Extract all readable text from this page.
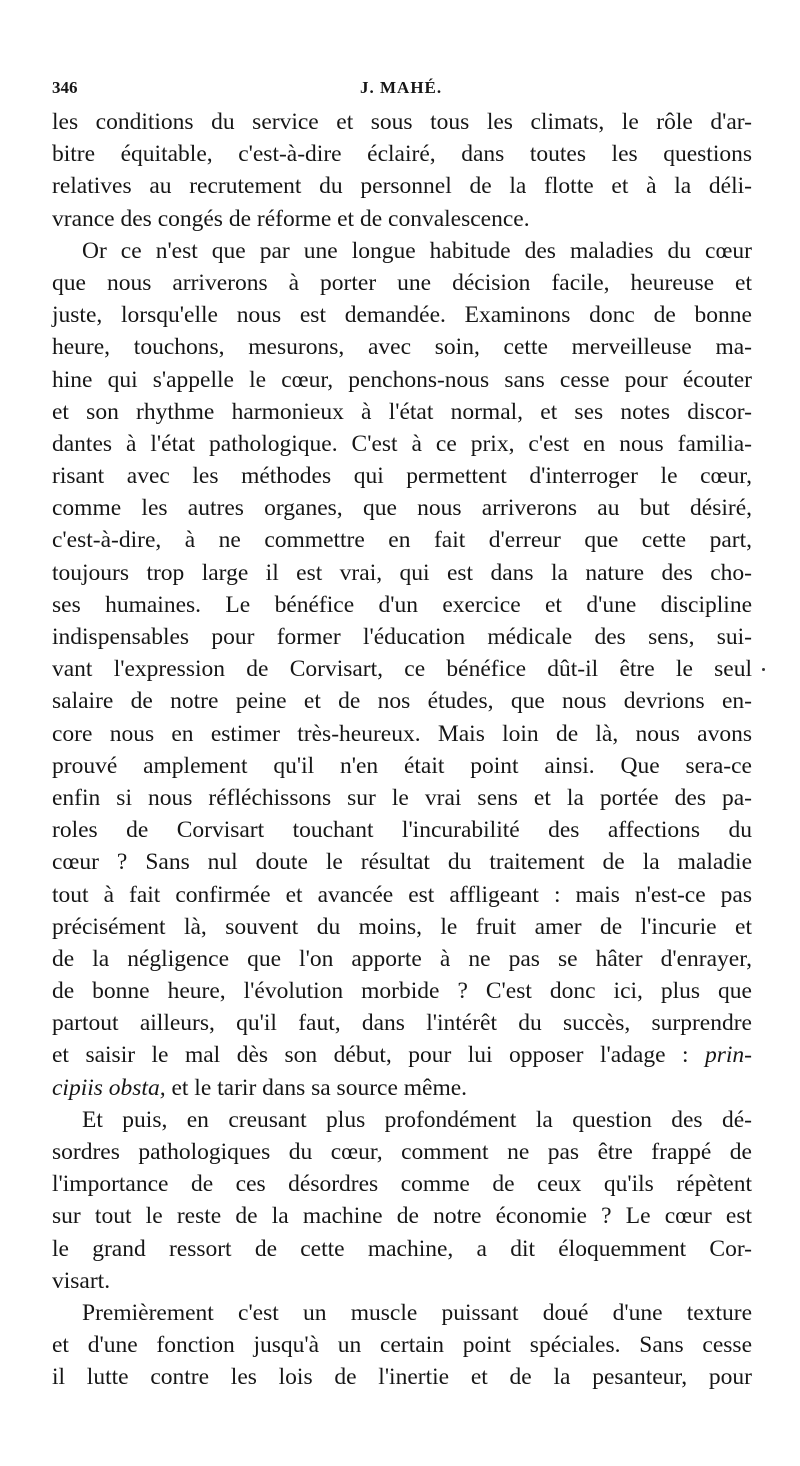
346	J. MAHÉ.
les conditions du service et sous tous les climats, le rôle d'ar-
bitre équitable, c'est-à-dire éclairé, dans toutes les questions
relatives au recrutement du personnel de la flotte et à la déli-
vrance des congés de réforme et de convalescence.
Or ce n'est que par une longue habitude des maladies du cœur
que nous arriverons à porter une décision facile, heureuse et
juste, lorsqu'elle nous est demandée. Examinons donc de bonne
heure, touchons, mesurons, avec soin, cette merveilleuse ma-
hine qui s'appelle le cœur, penchons-nous sans cesse pour écouter
et son rhythme harmonieux à l'état normal, et ses notes discor-
dantes à l'état pathologique. C'est à ce prix, c'est en nous familia-
risant avec les méthodes qui permettent d'interroger le cœur,
comme les autres organes, que nous arriverons au but désiré,
c'est-à-dire, à ne commettre en fait d'erreur que cette part,
toujours trop large il est vrai, qui est dans la nature des cho-
ses humaines. Le bénéfice d'un exercice et d'une discipline
indispensables pour former l'éducation médicale des sens, sui-
vant l'expression de Corvisart, ce bénéfice dût-il être le seul
salaire de notre peine et de nos études, que nous devrions en-
core nous en estimer très-heureux. Mais loin de là, nous avons
prouvé amplement qu'il n'en était point ainsi. Que sera-ce
enfin si nous réfléchissons sur le vrai sens et la portée des pa-
roles de Corvisart touchant l'incurabilité des affections du
cœur ? Sans nul doute le résultat du traitement de la maladie
tout à fait confirmée et avancée est affligeant : mais n'est-ce pas
précisément là, souvent du moins, le fruit amer de l'incurie et
de la négligence que l'on apporte à ne pas se hâter d'enrayer,
de bonne heure, l'évolution morbide ? C'est donc ici, plus que
partout ailleurs, qu'il faut, dans l'intérêt du succès, surprendre
et saisir le mal dès son début, pour lui opposer l'adage : prin-
cipiis obsta, et le tarir dans sa source même.
Et puis, en creusant plus profondément la question des dé-
sordres pathologiques du cœur, comment ne pas être frappé de
l'importance de ces désordres comme de ceux qu'ils répètent
sur tout le reste de la machine de notre économie ? Le cœur est
le grand ressort de cette machine, a dit éloquemment Cor-
visart.
Premièrement c'est un muscle puissant doué d'une texture
et d'une fonction jusqu'à un certain point spéciales. Sans cesse
il lutte contre les lois de l'inertie et de la pesanteur, pour
